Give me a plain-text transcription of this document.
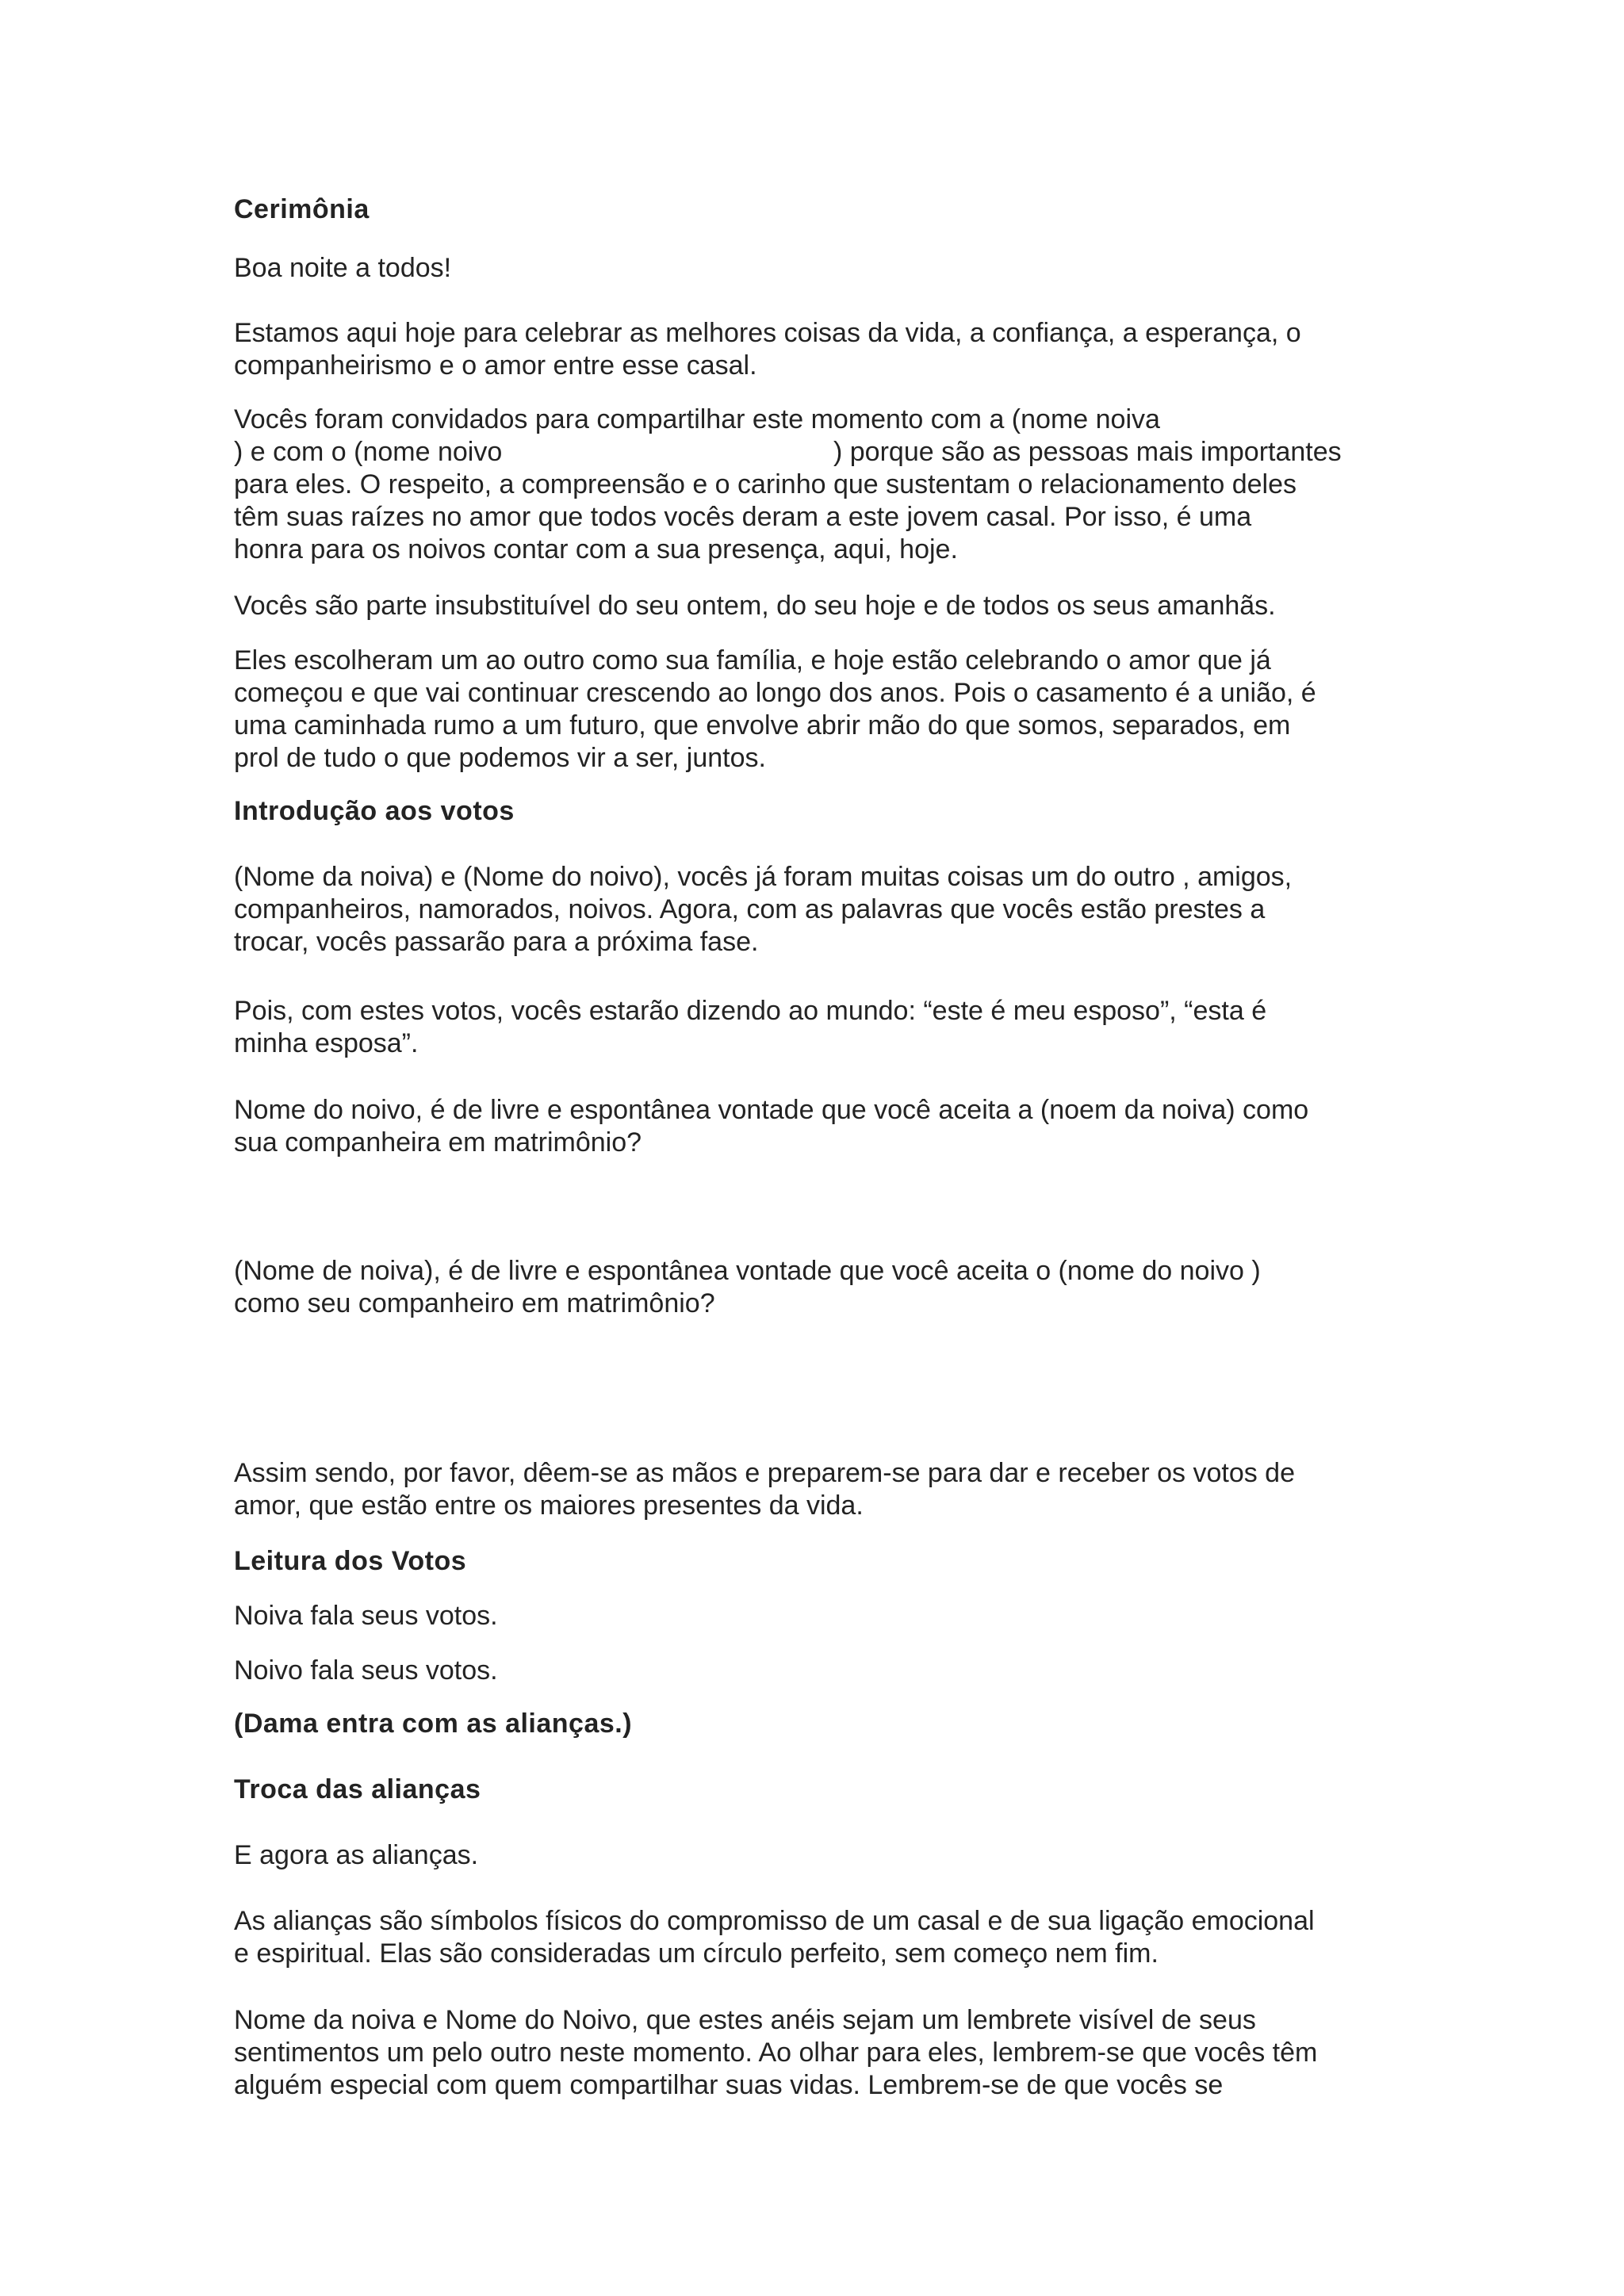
Cerimônia

Boa noite a todos!

Estamos aqui hoje para celebrar as melhores coisas da vida, a confiança, a esperança, o

companheirismo e o amor entre esse casal.

Vocês foram convidados para compartilhar este momento com a (nome noiva

) e com o (nome noivo	) porque são as pessoas mais importantes

para eles. O respeito, a compreensão e o carinho que sustentam o relacionamento deles

têm suas raízes no amor que todos vocês deram a este jovem casal. Por isso, é uma

honra para os noivos contar com a sua presença, aqui, hoje.

Vocês são parte insubstituível do seu ontem, do seu hoje e de todos os seus amanhãs.

Eles escolheram um ao outro como sua família, e hoje estão celebrando o amor que já

começou e que vai continuar crescendo ao longo dos anos. Pois o casamento é a união, é

uma caminhada rumo a um futuro, que envolve abrir mão do que somos, separados, em

prol de tudo o que podemos vir a ser, juntos.

Introdução aos votos

(Nome da noiva) e (Nome do noivo), vocês já foram muitas coisas um do outro , amigos,

companheiros, namorados, noivos. Agora, com as palavras que vocês estão prestes a

trocar, vocês passarão para a próxima fase.

Pois, com estes votos, vocês estarão dizendo ao mundo: “este é meu esposo”, “esta é

minha esposa”.

Nome do noivo, é de livre e espontânea vontade que você aceita a (noem da noiva) como

sua companheira em matrimônio?

(Nome de noiva), é de livre e espontânea vontade que você aceita o (nome do noivo )

como seu companheiro em matrimônio?

Assim sendo, por favor, dêem-se as mãos e preparem-se para dar e receber os votos de

amor, que estão entre os maiores presentes da vida.

Leitura dos Votos

Noiva fala seus votos.

Noivo fala seus votos.

(Dama entra com as alianças.)

Troca das alianças

E agora as alianças.

As alianças são símbolos físicos do compromisso de um casal e de sua ligação emocional

e espiritual. Elas são consideradas um círculo perfeito, sem começo nem fim.

Nome da noiva e Nome do Noivo, que estes anéis sejam um lembrete visível de seus

sentimentos um pelo outro neste momento. Ao olhar para eles, lembrem-se que vocês têm

alguém especial com quem compartilhar suas vidas. Lembrem-se de que vocês se
